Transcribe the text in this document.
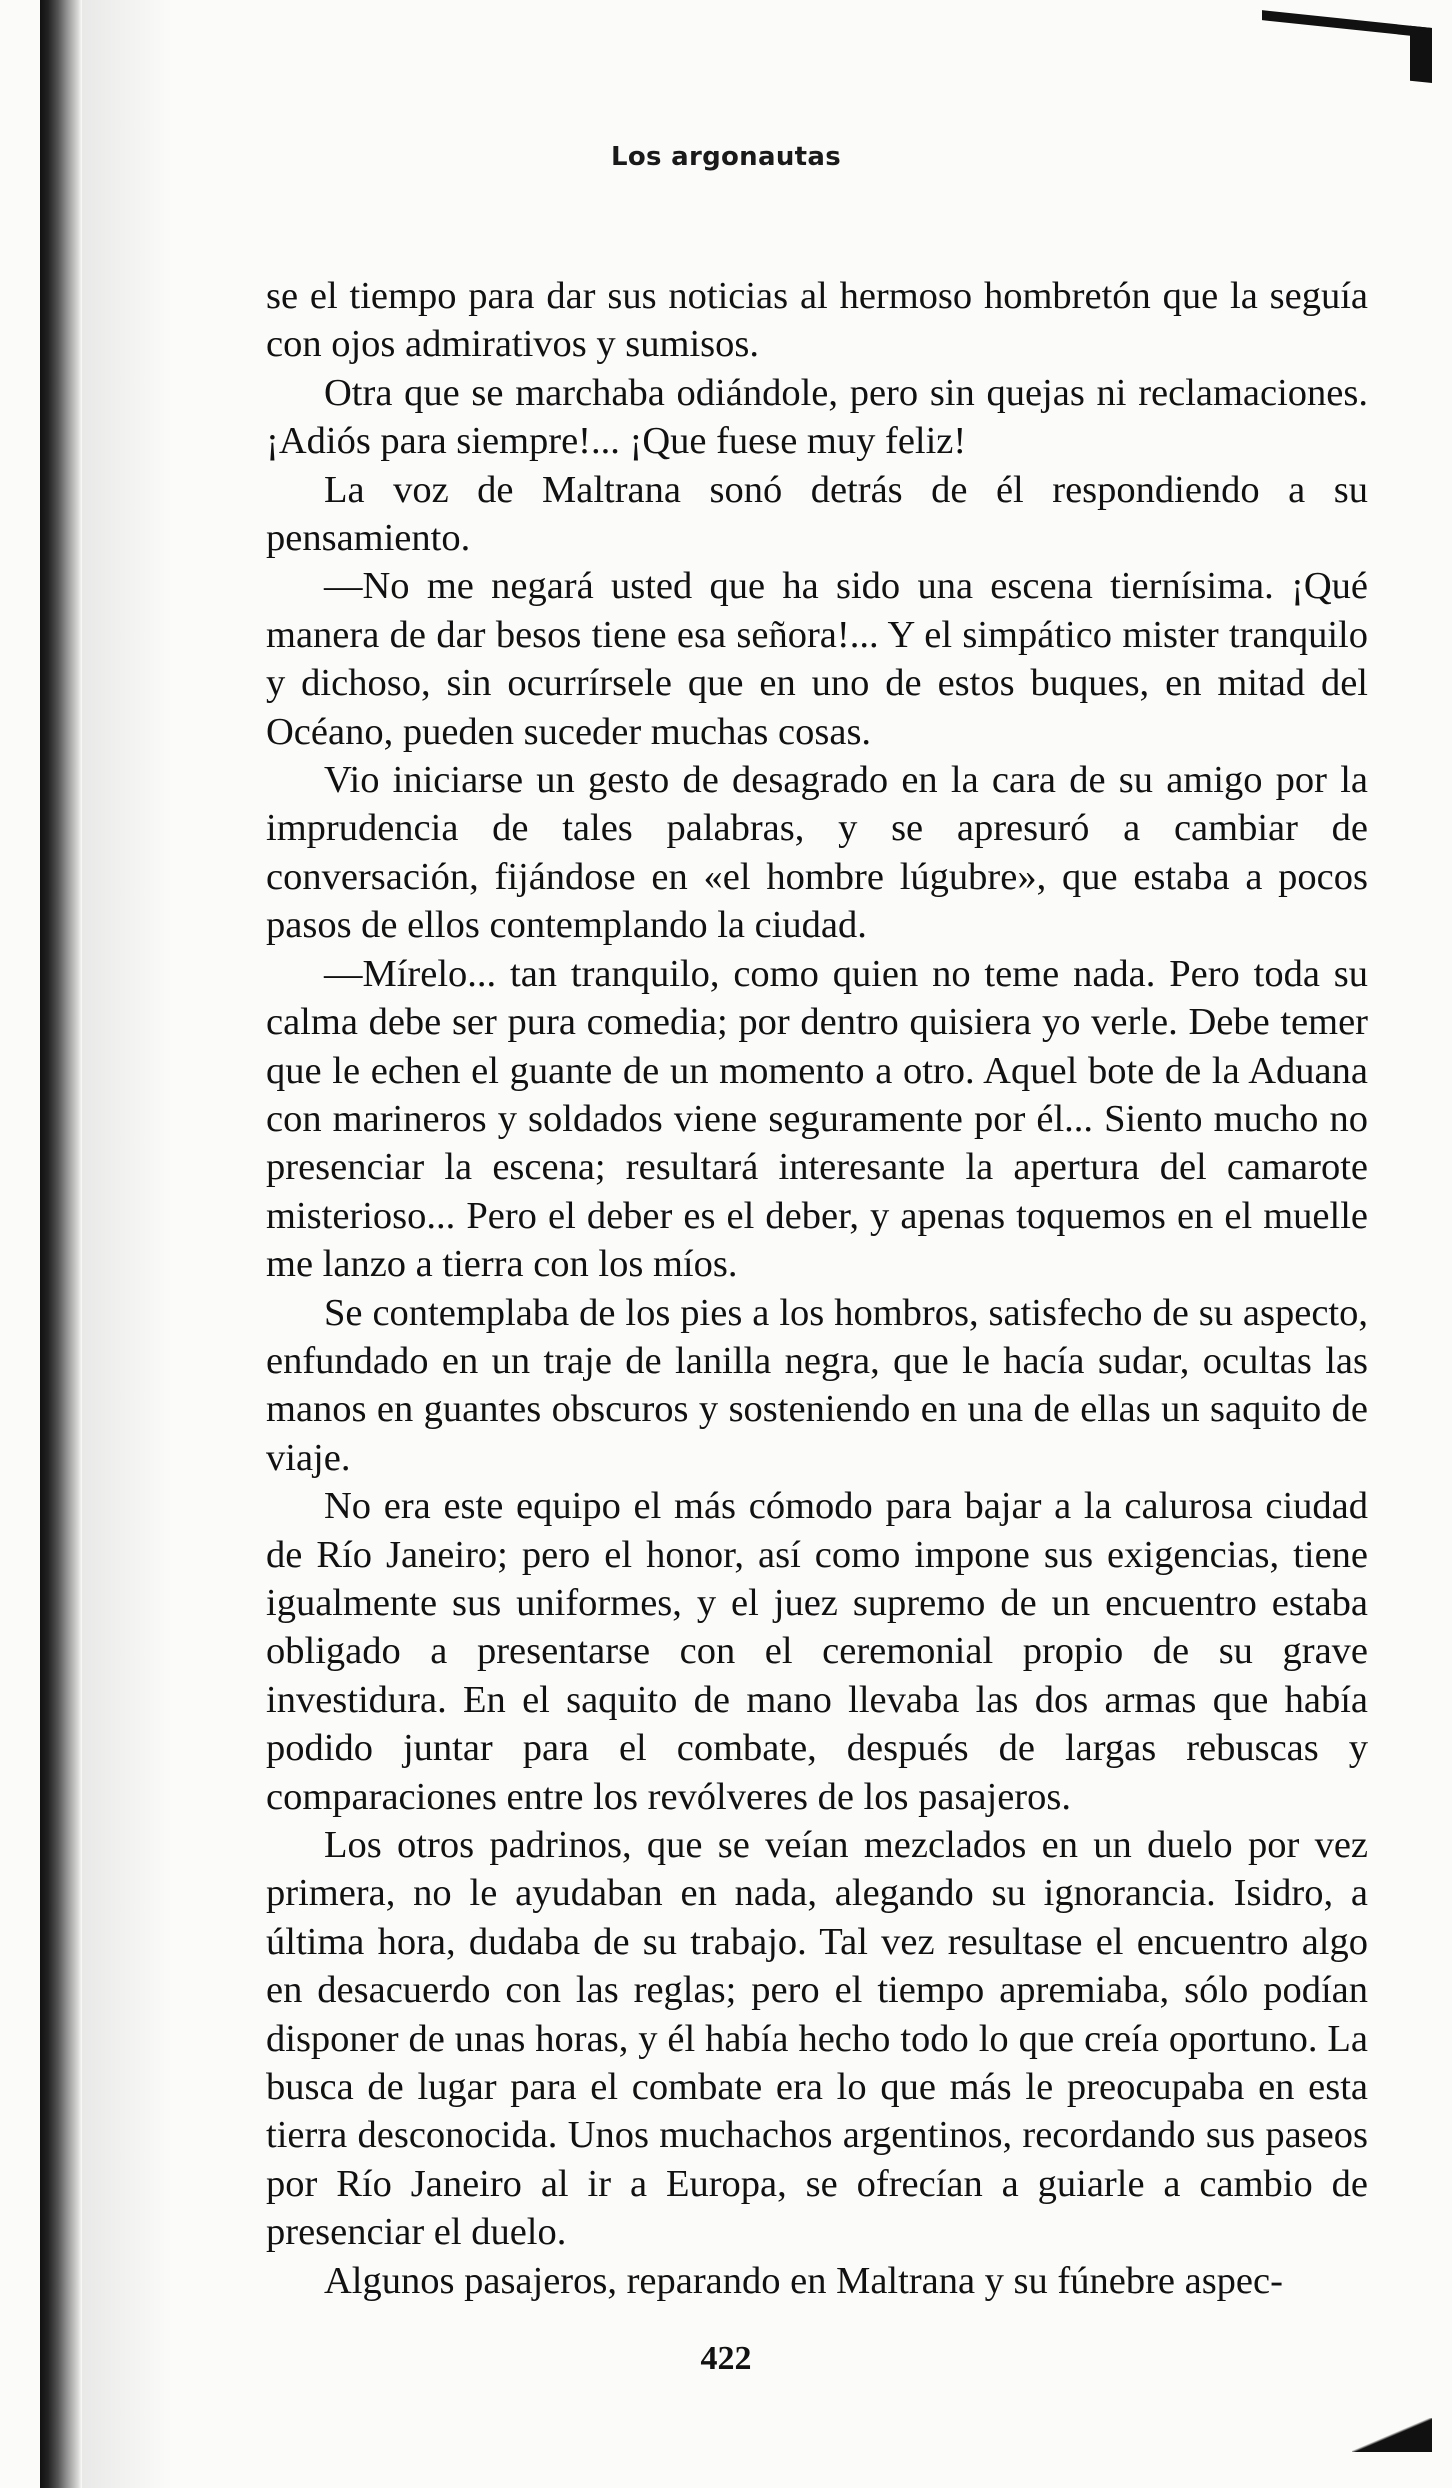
Los argonautas

se el tiempo para dar sus noticias al hermoso hombretón que la seguía con ojos admirativos y sumisos.

Otra que se marchaba odiándole, pero sin quejas ni reclamaciones. ¡Adiós para siempre!... ¡Que fuese muy feliz!

La voz de Maltrana sonó detrás de él respondiendo a su pensamiento.

—No me negará usted que ha sido una escena tiernísima. ¡Qué manera de dar besos tiene esa señora!... Y el simpático mister tranquilo y dichoso, sin ocurrírsele que en uno de estos buques, en mitad del Océano, pueden suceder muchas cosas.

Vio iniciarse un gesto de desagrado en la cara de su amigo por la imprudencia de tales palabras, y se apresuró a cambiar de conversación, fijándose en «el hombre lúgubre», que estaba a pocos pasos de ellos contemplando la ciudad.

—Mírelo... tan tranquilo, como quien no teme nada. Pero toda su calma debe ser pura comedia; por dentro quisiera yo verle. Debe temer que le echen el guante de un momento a otro. Aquel bote de la Aduana con marineros y soldados viene seguramente por él... Siento mucho no presenciar la escena; resultará interesante la apertura del camarote misterioso... Pero el deber es el deber, y apenas toquemos en el muelle me lanzo a tierra con los míos.

Se contemplaba de los pies a los hombros, satisfecho de su aspecto, enfundado en un traje de lanilla negra, que le hacía sudar, ocultas las manos en guantes obscuros y sosteniendo en una de ellas un saquito de viaje.

No era este equipo el más cómodo para bajar a la calurosa ciudad de Río Janeiro; pero el honor, así como impone sus exigencias, tiene igualmente sus uniformes, y el juez supremo de un encuentro estaba obligado a presentarse con el ceremonial propio de su grave investidura. En el saquito de mano llevaba las dos armas que había podido juntar para el combate, después de largas rebuscas y comparaciones entre los revólveres de los pasajeros.

Los otros padrinos, que se veían mezclados en un duelo por vez primera, no le ayudaban en nada, alegando su ignorancia. Isidro, a última hora, dudaba de su trabajo. Tal vez resultase el encuentro algo en desacuerdo con las reglas; pero el tiempo apremiaba, sólo podían disponer de unas horas, y él había hecho todo lo que creía oportuno. La busca de lugar para el combate era lo que más le preocupaba en esta tierra desconocida. Unos muchachos argentinos, recordando sus paseos por Río Janeiro al ir a Europa, se ofrecían a guiarle a cambio de presenciar el duelo.

Algunos pasajeros, reparando en Maltrana y su fúnebre aspec-

422
